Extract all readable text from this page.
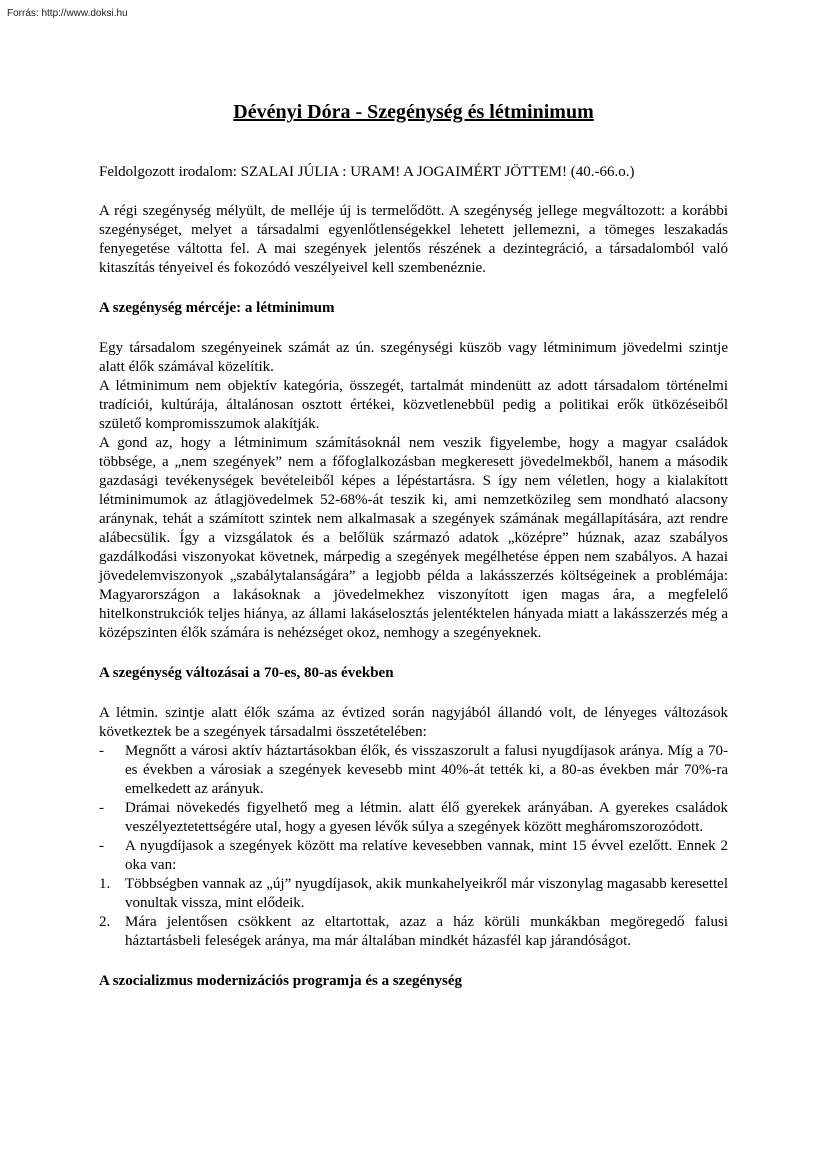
Forrás: http://www.doksi.hu
Dévényi Dóra - Szegénység és létminimum

Feldolgozott irodalom: SZALAI JÚLIA : URAM! A JOGAIMÉRT JÖTTEM! (40.-66.o.)

A régi szegénység mélyült, de melléje új is termelődött. A szegénység jellege megváltozott: a korábbi szegénységet, melyet a társadalmi egyenlőtlenségekkel lehetett jellemezni, a tömeges leszakadás fenyegetése váltotta fel. A mai szegények jelentős részének a dezintegráció, a társadalomból való kitaszítás tényeivel és fokozódó veszélyeivel kell szembenéznie.

A szegénység mércéje: a létminimum

Egy társadalom szegényeinek számát az ún. szegénységi küszöb vagy létminimum jövedelmi szintje alatt élők számával közelítik.

A létminimum nem objektív kategória, összegét, tartalmát mindenütt az adott társadalom történelmi tradíciói, kultúrája, általánosan osztott értékei, közvetlenebbül pedig a politikai erők ütközéseiből születő kompromisszumok alakítják.

A gond az, hogy a létminimum számításoknál nem veszik figyelembe, hogy a magyar családok többsége, a „nem szegények” nem a főfoglalkozásban megkeresett jövedelmekből, hanem a második gazdasági tevékenységek bevételeiből képes a lépéstartásra. S így nem véletlen, hogy a kialakított létminimumok az átlagjövedelmek 52-68%-át teszik ki, ami nemzetközileg sem mondható alacsony aránynak, tehát a számított szintek nem alkalmasak a szegények számának megállapítására, azt rendre alábecsülik. Így a vizsgálatok és a belőlük származó adatok „középre” húznak, azaz szabályos gazdálkodási viszonyokat követnek, márpedig a szegények megélhetése éppen nem szabályos. A hazai jövedelemviszonyok „szabálytalanságára” a legjobb példa a lakásszerzés költségeinek a problémája: Magyarországon a lakásoknak a jövedelmekhez viszonyított igen magas ára, a megfelelő hitelkonstrukciók teljes hiánya, az állami lakáselosztás jelentéktelen hányada miatt a lakásszerzés még a középszinten élők számára is nehézséget okoz, nemhogy a szegényeknek.

A szegénység változásai a 70-es, 80-as években

A létmin. szintje alatt élők száma az évtized során nagyjából állandó volt, de lényeges változások következtek be a szegények társadalmi összetételében:

- Megnőtt a városi aktív háztartásokban élők, és visszaszorult a falusi nyugdíjasok aránya. Míg a 70-es években a városiak a szegények kevesebb mint 40%-át tették ki, a 80-as években már 70%-ra emelkedett az arányuk.
- Drámai növekedés figyelhető meg a létmin. alatt élő gyerekek arányában. A gyerekes családok veszélyeztetettségére utal, hogy a gyesen lévők súlya a szegények között megháromszorozódott.
- A nyugdíjasok a szegények között ma relatíve kevesebben vannak, mint 15 évvel ezelőtt. Ennek 2 oka van:
1. Többségben vannak az „új” nyugdíjasok, akik munkahelyeikről már viszonylag magasabb keresettel vonultak vissza, mint elődeik.
2. Mára jelentősen csökkent az eltartottak, azaz a ház körüli munkákban megöregedő falusi háztartásbeli feleségek aránya, ma már általában mindkét házasfél kap járandóságot.
A szocializmus modernizációs programja és a szegénység
